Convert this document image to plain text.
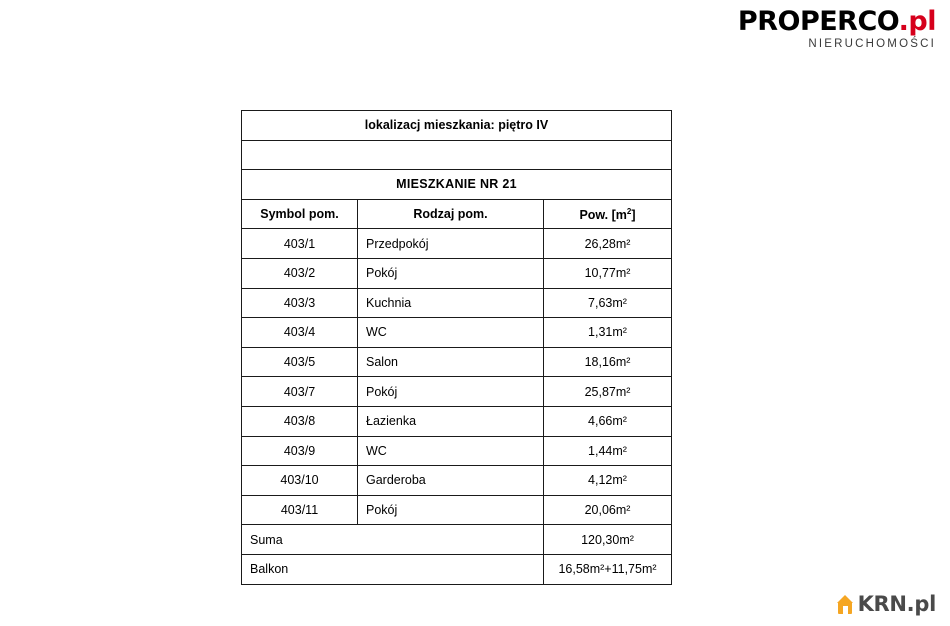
PROPERCO.pl
NIERUCHOMOŚCI
lokalizacj mieszkania: piętro IV		

MIESZKANIE NR 21		
Symbol pom.	Rodzaj pom.	Pow. $[m^2]$
403/1	Przedpokój	26,28m²
403/2	Pokój	10,77m²
403/3	Kuchnia	7,63m²
403/4	WC	1,31m²
403/5	Salon	18,16m²
403/7	Pokój	25,87m²
403/8	Łazienka	4,66m²
403/9	WC	1,44m²
403/10	Garderoba	4,12m²
403/11	Pokój	20,06m²
Suma		120,30m²
Balkon		16,58m²+11,75m²
KRN.pl
